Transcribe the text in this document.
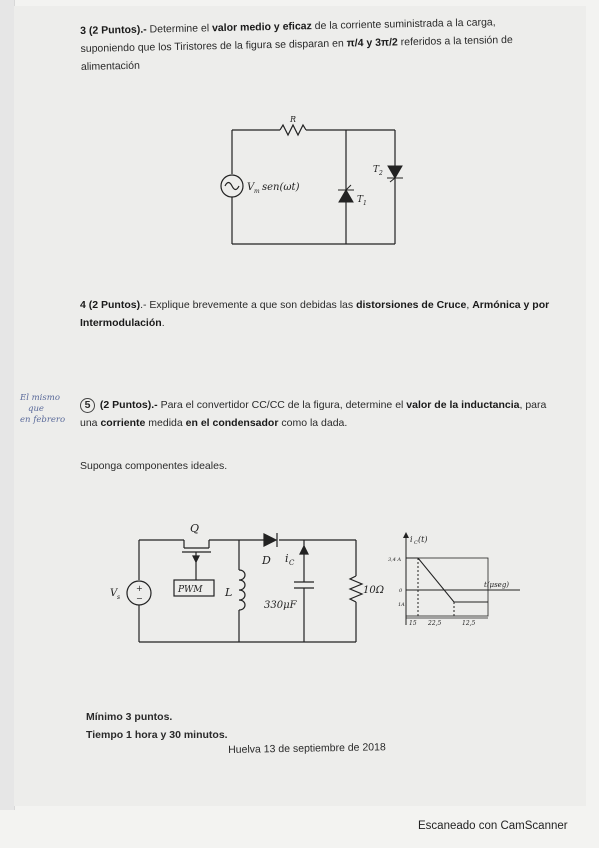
3 (2 Puntos).- Determine el valor medio y eficaz de la corriente suministrada a la carga, suponiendo que los Tiristores de la figura se disparan en π/4 y 3π/2 referidos a la tensión de alimentación
R
V m sen(ωt)
T 1
T 2
4 (2 Puntos).- Explique brevemente a que son debidas las distorsiones de Cruce, Armónica y por Intermodulación.
El mismo
que
en febrero
5 (2 Puntos).- Para el convertidor CC/CC de la figura, determine el valor de la inductancia, para una corriente medida en el condensador como la dada.
Suponga componentes ideales.
Q
PWM
D i C
V s
+
−	L
330μF
10Ω
i C (t)
3,4 A
0
1A
t(μseg)
15 22,5	12,5
Mínimo 3 puntos.
Tiempo 1 hora y 30 minutos.
Huelva 13 de septiembre de 2018
Escaneado con CamScanner
